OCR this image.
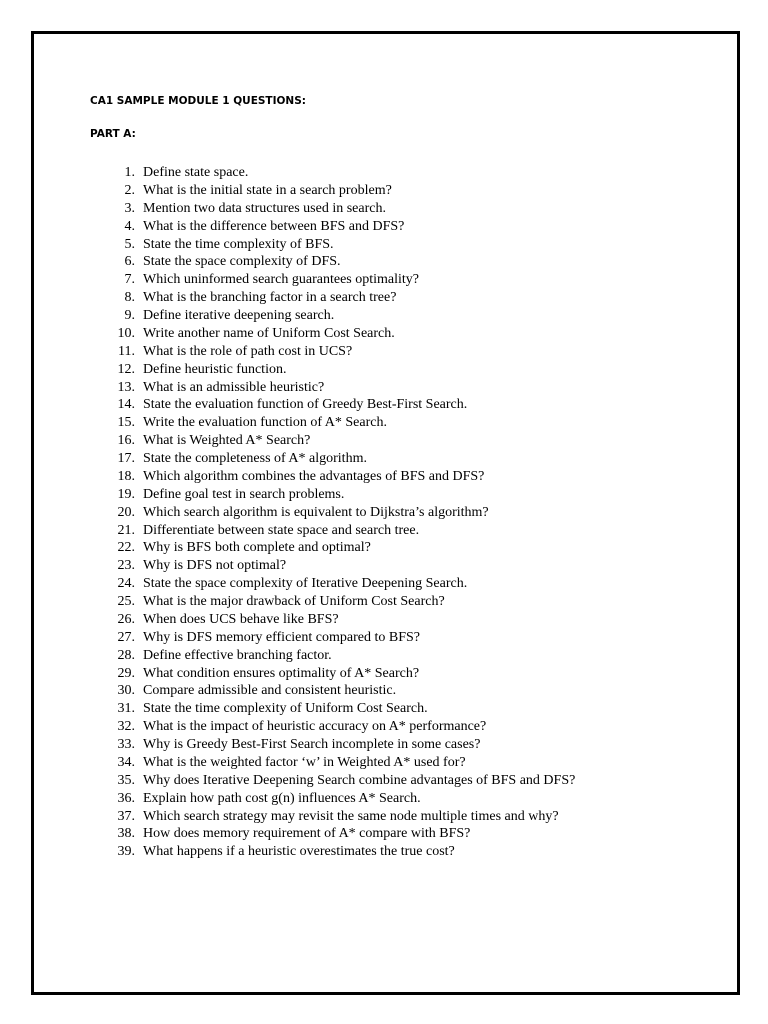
CA1 SAMPLE MODULE 1 QUESTIONS:
PART A:
1.
Define state space.
2.
What is the initial state in a search problem?
3.
Mention two data structures used in search.
4.
What is the difference between BFS and DFS?
5.
State the time complexity of BFS.
6.
State the space complexity of DFS.
7.
Which uninformed search guarantees optimality?
8.
What is the branching factor in a search tree?
9.
Define iterative deepening search.
10.
Write another name of Uniform Cost Search.
11.
What is the role of path cost in UCS?
12.
Define heuristic function.
13.
What is an admissible heuristic?
14.
State the evaluation function of Greedy Best-First Search.
15.
Write the evaluation function of A* Search.
16.
What is Weighted A* Search?
17.
State the completeness of A* algorithm.
18.
Which algorithm combines the advantages of BFS and DFS?
19.
Define goal test in search problems.
20.
Which search algorithm is equivalent to Dijkstra’s algorithm?
21.
Differentiate between state space and search tree.
22.
Why is BFS both complete and optimal?
23.
Why is DFS not optimal?
24.
State the space complexity of Iterative Deepening Search.
25.
What is the major drawback of Uniform Cost Search?
26.
When does UCS behave like BFS?
27.
Why is DFS memory efficient compared to BFS?
28.
Define effective branching factor.
29.
What condition ensures optimality of A* Search?
30.
Compare admissible and consistent heuristic.
31.
State the time complexity of Uniform Cost Search.
32.
What is the impact of heuristic accuracy on A* performance?
33.
Why is Greedy Best-First Search incomplete in some cases?
34.
What is the weighted factor ‘w’ in Weighted A* used for?
35.
Why does Iterative Deepening Search combine advantages of BFS and DFS?
36.
Explain how path cost g(n) influences A* Search.
37.
Which search strategy may revisit the same node multiple times and why?
38.
How does memory requirement of A* compare with BFS?
39.
What happens if a heuristic overestimates the true cost?
